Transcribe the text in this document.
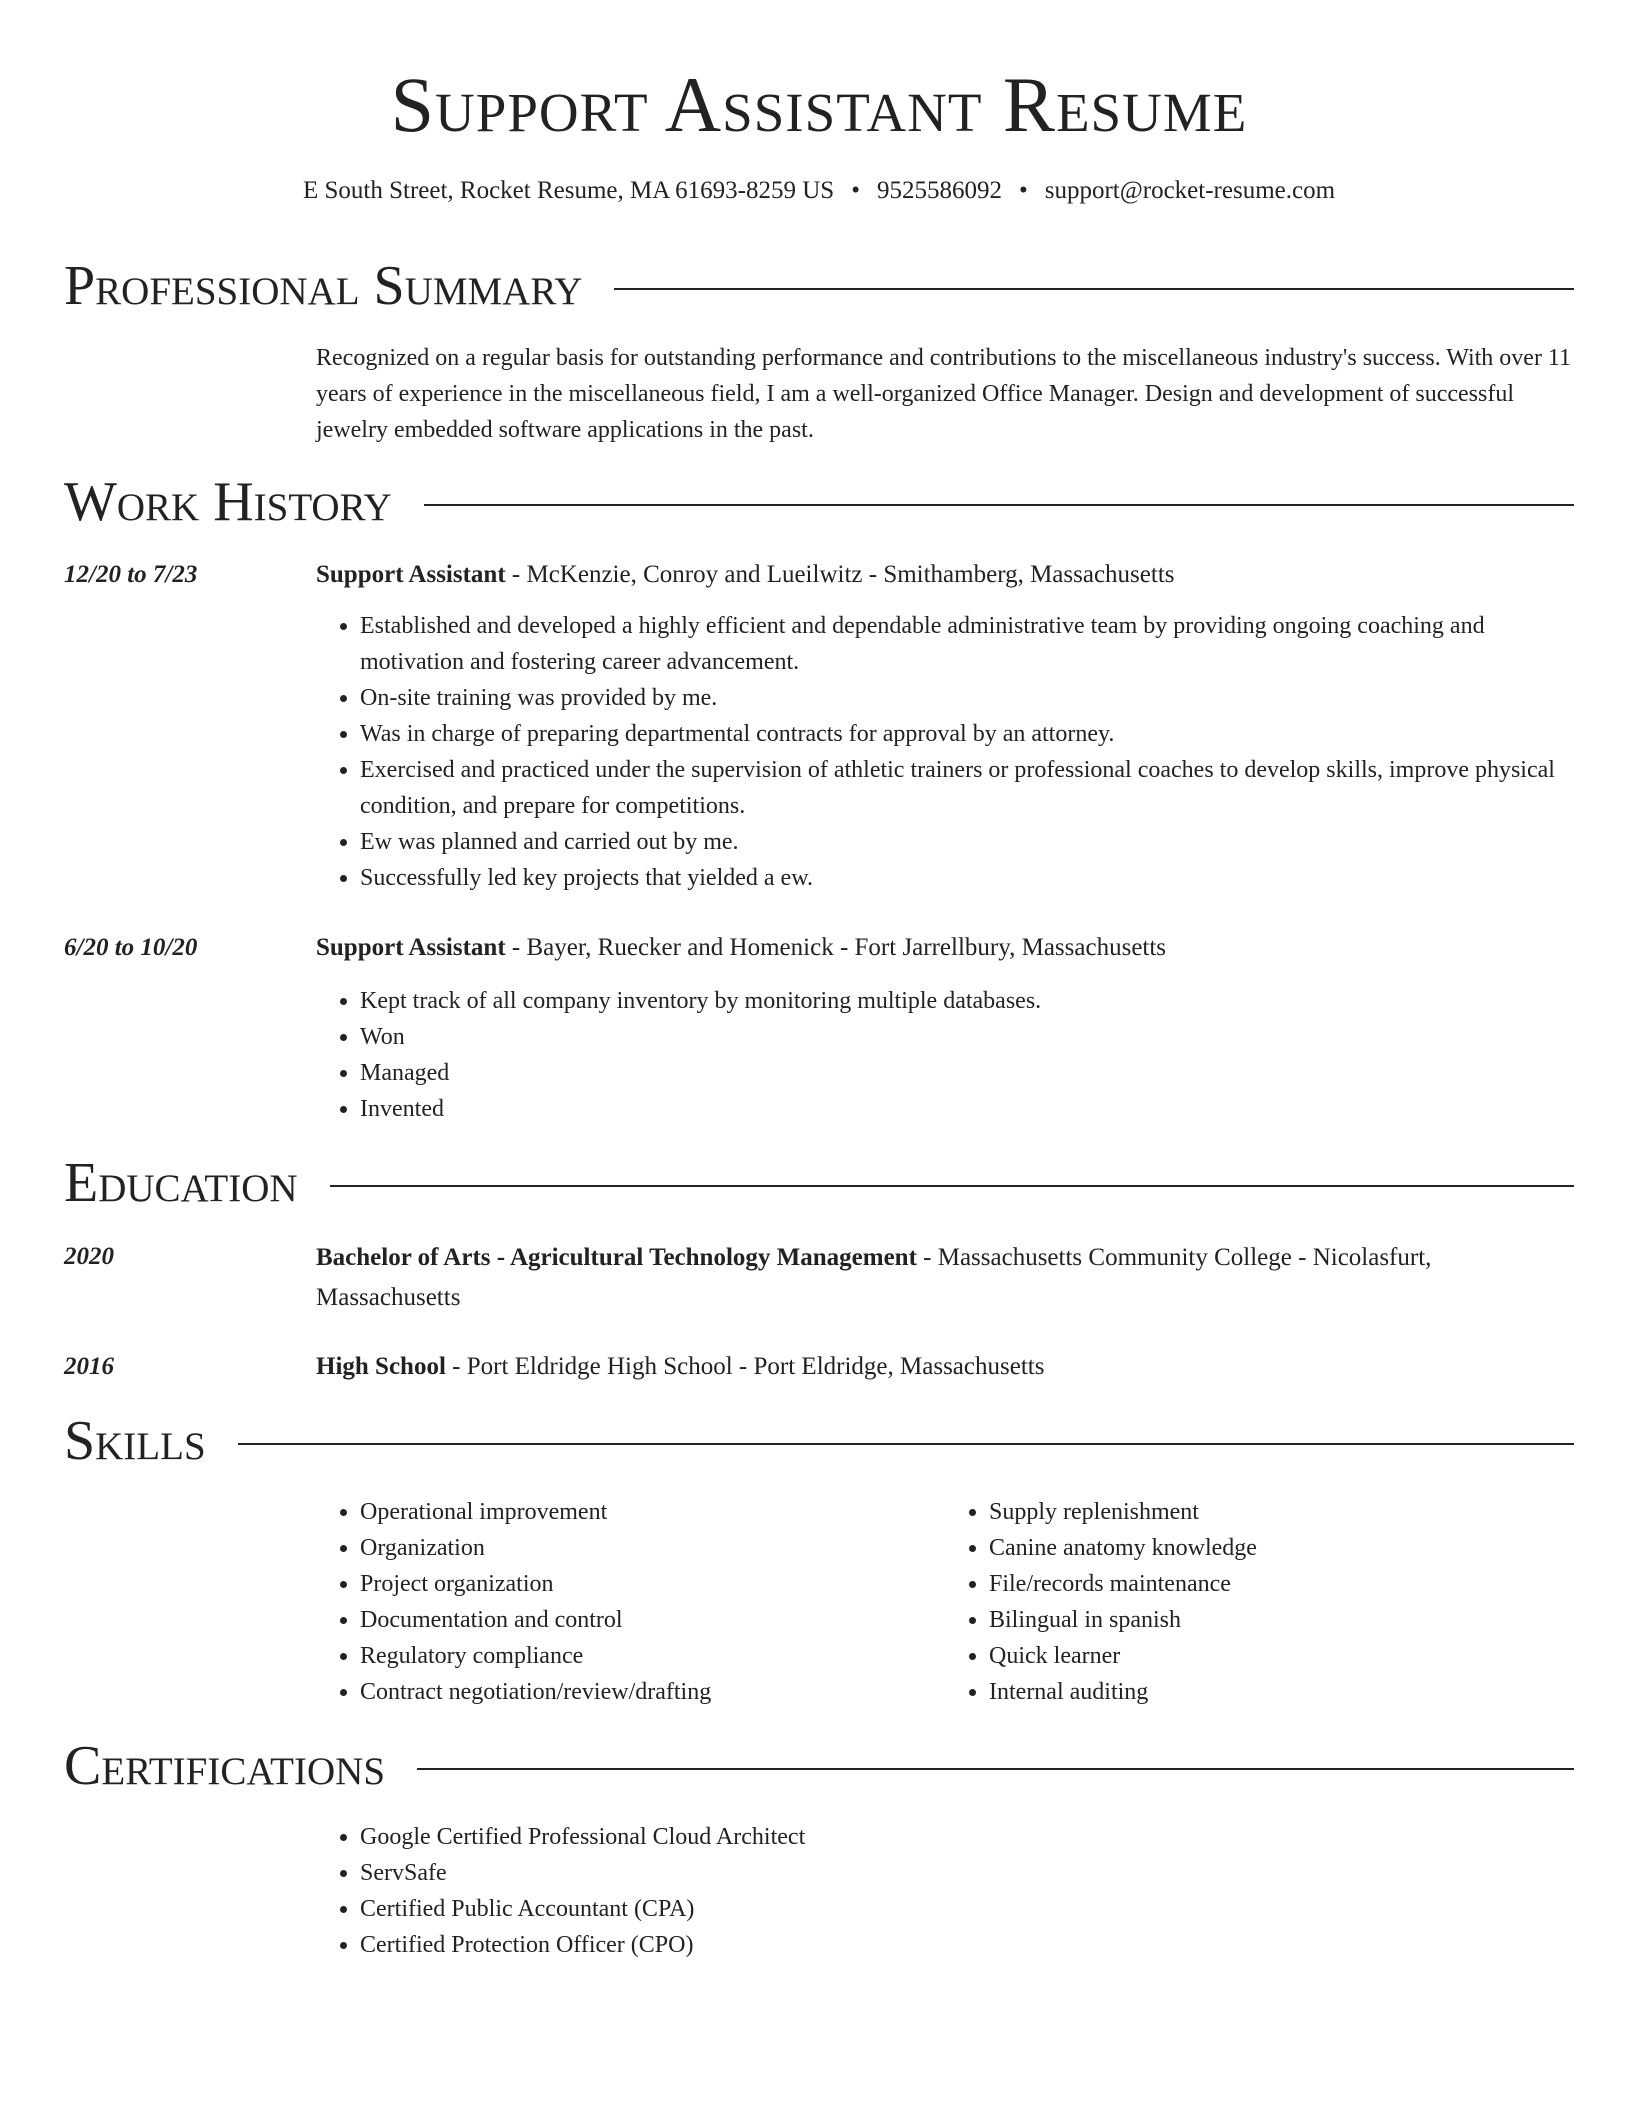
Support Assistant Resume
E South Street, Rocket Resume, MA 61693-8259 US • 9525586092 • support@rocket-resume.com
Professional Summary
Recognized on a regular basis for outstanding performance and contributions to the miscellaneous industry's success. With over 11 years of experience in the miscellaneous field, I am a well-organized Office Manager. Design and development of successful jewelry embedded software applications in the past.
Work History
12/20 to 7/23	Support Assistant - McKenzie, Conroy and Lueilwitz - Smithamberg, Massachusetts
• Established and developed a highly efficient and dependable administrative team by providing ongoing coaching and motivation and fostering career advancement.
• On-site training was provided by me.
• Was in charge of preparing departmental contracts for approval by an attorney.
• Exercised and practiced under the supervision of athletic trainers or professional coaches to develop skills, improve physical condition, and prepare for competitions.
• Ew was planned and carried out by me.
• Successfully led key projects that yielded a ew.
6/20 to 10/20	Support Assistant - Bayer, Ruecker and Homenick - Fort Jarrellbury, Massachusetts
• Kept track of all company inventory by monitoring multiple databases.
• Won
• Managed
• Invented
Education
2020	Bachelor of Arts - Agricultural Technology Management - Massachusetts Community College - Nicolasfurt, Massachusetts
2016	High School - Port Eldridge High School - Port Eldridge, Massachusetts
Skills
• Operational improvement
• Organization
• Project organization
• Documentation and control
• Regulatory compliance
• Contract negotiation/review/drafting
• Supply replenishment
• Canine anatomy knowledge
• File/records maintenance
• Bilingual in spanish
• Quick learner
• Internal auditing
Certifications
• Google Certified Professional Cloud Architect
• ServSafe
• Certified Public Accountant (CPA)
• Certified Protection Officer (CPO)
